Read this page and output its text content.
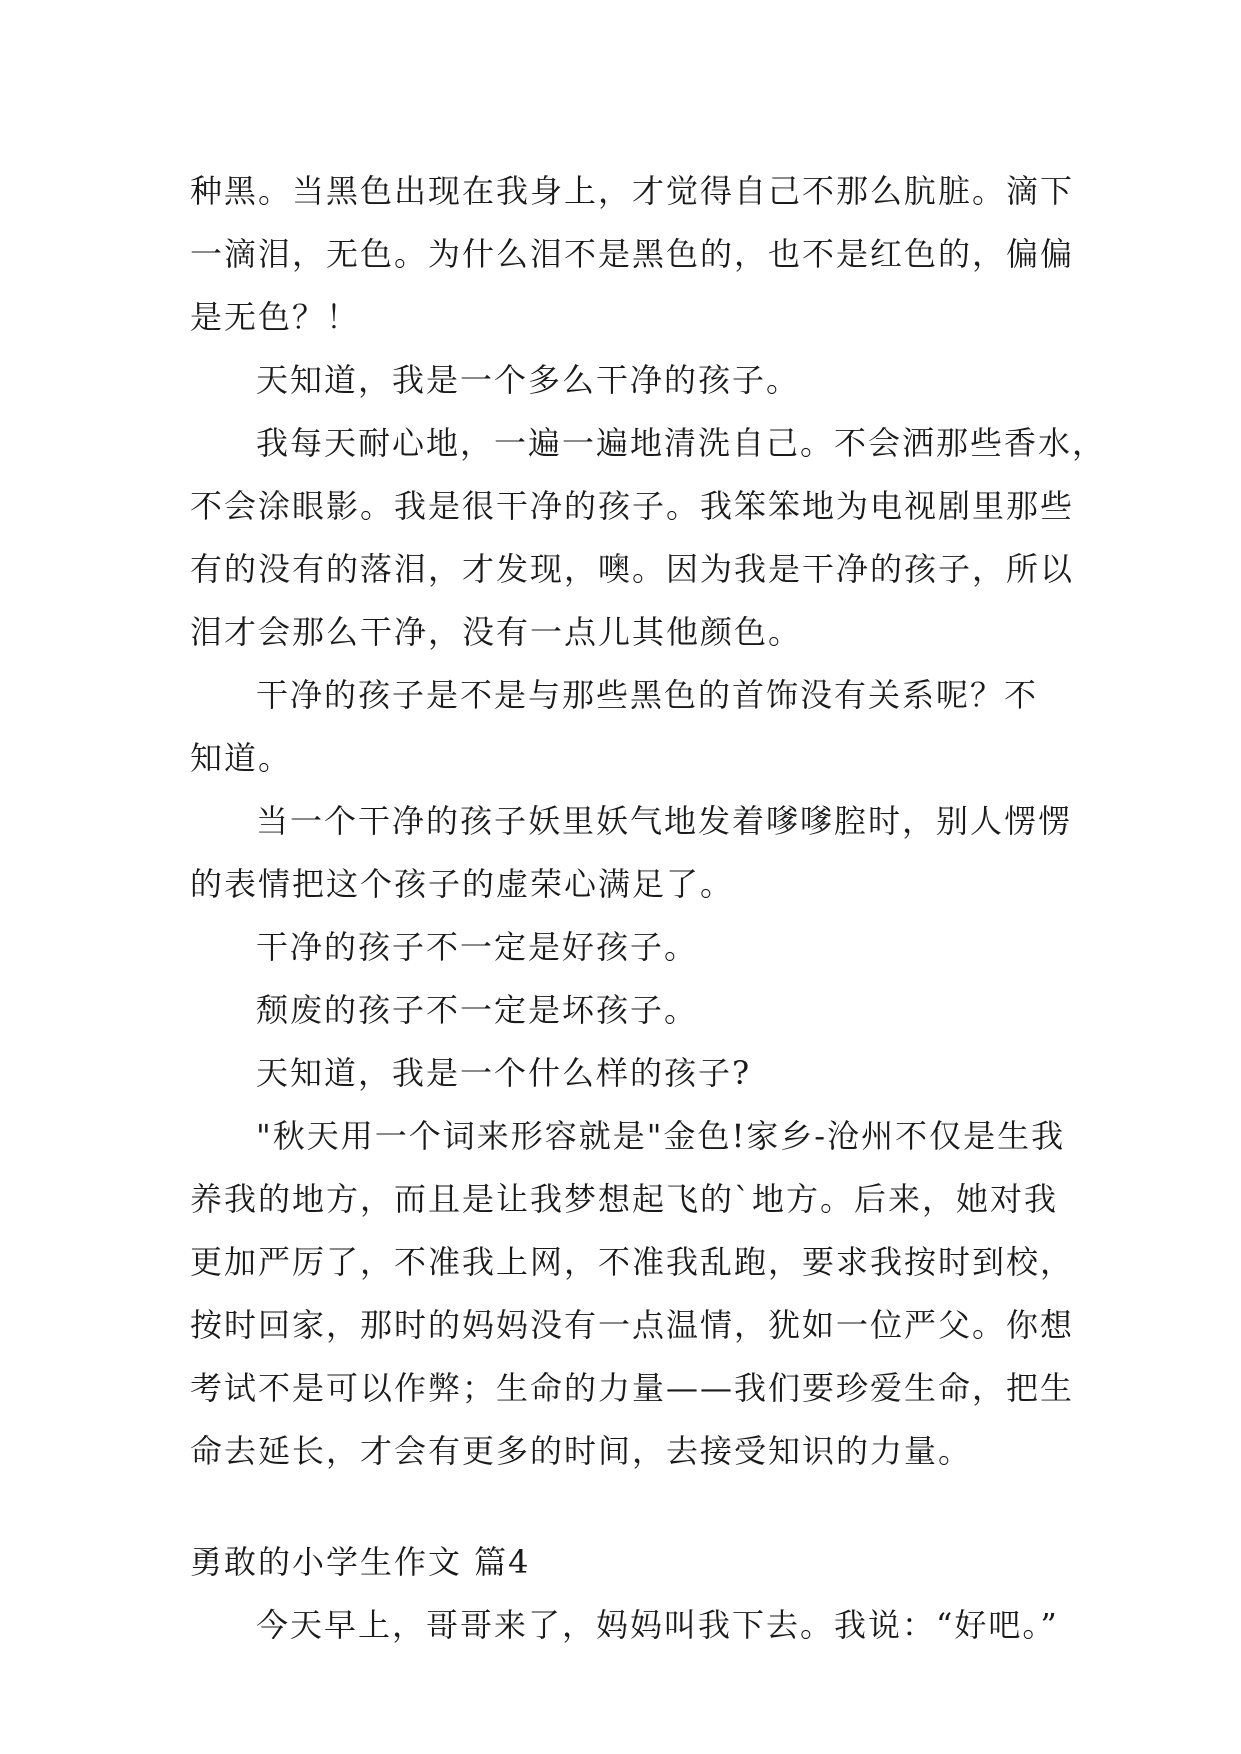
种黑。当黑色出现在我身上，才觉得自己不那么肮脏。滴下
一滴泪，无色。为什么泪不是黑色的，也不是红色的，偏偏
是无色？！
天知道，我是一个多么干净的孩子。
我每天耐心地，一遍一遍地清洗自己。不会洒那些香水，
不会涂眼影。我是很干净的孩子。我笨笨地为电视剧里那些
有的没有的落泪，才发现，噢。因为我是干净的孩子，所以
泪才会那么干净，没有一点儿其他颜色。
干净的孩子是不是与那些黑色的首饰没有关系呢？不
知道。
当一个干净的孩子妖里妖气地发着嗲嗲腔时，别人愣愣
的表情把这个孩子的虚荣心满足了。
干净的孩子不一定是好孩子。
颓废的孩子不一定是坏孩子。
天知道，我是一个什么样的孩子?
"秋天用一个词来形容就是"金色!家乡-沧州不仅是生我
养我的地方，而且是让我梦想起飞的`地方。后来，她对我
更加严厉了，不准我上网，不准我乱跑，要求我按时到校，
按时回家，那时的妈妈没有一点温情，犹如一位严父。你想
考试不是可以作弊；生命的力量——我们要珍爱生命，把生
命去延长，才会有更多的时间，去接受知识的力量。
勇敢的小学生作文 篇4
今天早上，哥哥来了，妈妈叫我下去。我说：“好吧。”
